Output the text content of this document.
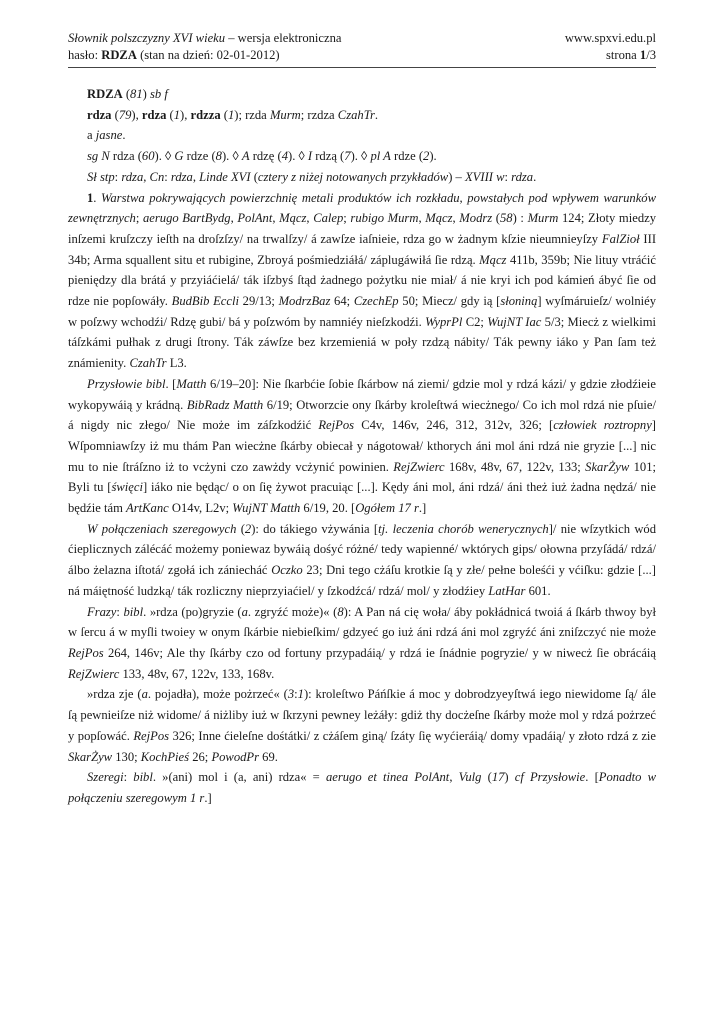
Słownik polszczyzny XVI wieku – wersja elektroniczna	www.spxvi.edu.pl
hasło: RDZA (stan na dzień: 02-01-2012)	strona 1/3

RDZA (81) sb f

rdza (79), rdza (1), rdzza (1); rzda Murm; rzdza CzahTr.

a jasne.

sg N rdza (60). ◊ G rdze (8). ◊ A rdzę (4). ◊ I rdzą (7). ◊ pl A rdze (2).

Sł stp: rdza, Cn: rdza, Linde XVI (cztery z niżej notowanych przykładów) – XVIII w: rdza.

1. Warstwa pokrywających powierzchnię metali produktów ich rozkładu, powstałych pod wpływem warunków zewnętrznych; aerugo BartBydg, PolAnt, Mącz, Calep; rubigo Murm, Mącz, Modrz (58) : Murm 124; Złoty miedzy inſzemi kruſzczy ieſth na droſzſzy/ na trwalſzy/ á zawſze iaſnieie, rdza go w żadnym kſzie nieumnieyſzy FalZioł III 34b; Arma squallent situ et rubigine, Zbroyá pośmiedziáłá/ záplugáwiłá ſie rdzą. Mącz 411b, 359b; Nie lituy vtráćić pieniędzy dla brátá y przyiáćielá/ ták iſzbyś ſtąd żadnego pożytku nie miał/ á nie kryi ich pod kámień ábyć ſie od rdze nie popſowáły. BudBib Eccli 29/13; ModrzBaz 64; CzechEp 50; Miecz/ gdy ią [słoniną] wyſmáruieſz/ wolniéy w poſzwy wchodźi/ Rdzę gubi/ bá y poſzwóm by namniéy nieſzkodźi. WyprPl C2; WujNT Iac 5/3; Miecż z wielkimi táſzkámi pułhak z drugi ſtrony. Ták záwſze bez krzemieniá w poły rzdzą nábity/ Ták pewny iáko y Pan ſam też známienity. CzahTr L3.

Przysłowie bibl. [Matth 6/19–20]: Nie ſkarbćie ſobie ſkárbow ná ziemi/ gdzie mol y rdzá kázi/ y gdzie złodźieie wykopywáią y krádną. BibRadz Matth 6/19; Otworzcie ony ſkárby kroleſtwá wiecżnego/ Co ich mol rdzá nie pſuie/ á nigdy nic złego/ Nie może im záſzkodźić RejPos C4v, 146v, 246, 312, 312v, 326; [człowiek roztropny] Wſpomniawſzy iż mu thám Pan wiecżne ſkárby obiecał y nágotował/ kthorych áni mol áni rdzá nie gryzie [...] nic mu to nie ſtráſzno iż to vcżyni czo zawżdy vcżynić powinien. RejZwierc 168v, 48v, 67, 122v, 133; SkarŻyw 101; Byli tu [święci] iáko nie będąc/ o on ſię żywot pracuiąc [...]. Kędy áni mol, áni rdzá/ áni theż iuż żadna nędzá/ nie będźie tám ArtKanc O14v, L2v; WujNT Matth 6/19, 20. [Ogółem 17 r.]

W połączeniach szeregowych (2): do tákiego vżywánia [tj. leczenia chorób wenerycznych]/ nie wſzytkich wód ćieplicznych zálécáć możemy poniewaz bywáią dośyć różné/ tedy wapienné/ wktórych gips/ ołowna przyſádá/ rdzá/ álbo żelazna iſtotá/ zgołá ich zániecháć Oczko 23; Dni tego cżáſu krotkie ſą y złe/ pełne boleśći y vćiſku: gdzie [...] ná máiętność ludzką/ ták rozliczny nieprzyiaćiel/ y ſzkodźcá/ rdzá/ mol/ y złodźiey LatHar 601.

Frazy: bibl. »rdza (po)gryzie (a. zgryźć może)« (8): A Pan ná cię woła/ áby pokłádnicá twoiá á ſkárb thwoy był w ſercu á w myſli twoiey w onym ſkárbie niebieſkim/ gdzyeć go iuż áni rdzá áni mol zgryźć áni zniſzczyć nie może RejPos 264, 146v; Ale thy ſkárby czo od fortuny przypadáią/ y rdzá ie ſnádnie pogryzie/ y w niwecż ſie obrácáią RejZwierc 133, 48v, 67, 122v, 133, 168v.

»rdza zje (a. pojadła), może pożrzeć« (3:1): kroleſtwo Páńſkie á moc y dobrodzyeyſtwá iego niewidome ſą/ ále ſą pewnieiſze niż widome/ á niżliby iuż w ſkrzyni pewney leżáły: gdiż thy docżeſne ſkárby może mol y rdzá pożrzeć y popſowáć. RejPos 326; Inne ćieleſne dośtátki/ z cżáſem giną/ ſzáty ſię wyćieráią/ domy vpadáią/ y złoto rdzá z zie SkarŻyw 130; KochPieś 26; PowodPr 69.

Szeregi: bibl. »(ani) mol i (a, ani) rdza« = aerugo et tinea PolAnt, Vulg (17) cf Przysłowie. [Ponadto w połączeniu szeregowym 1 r.]
